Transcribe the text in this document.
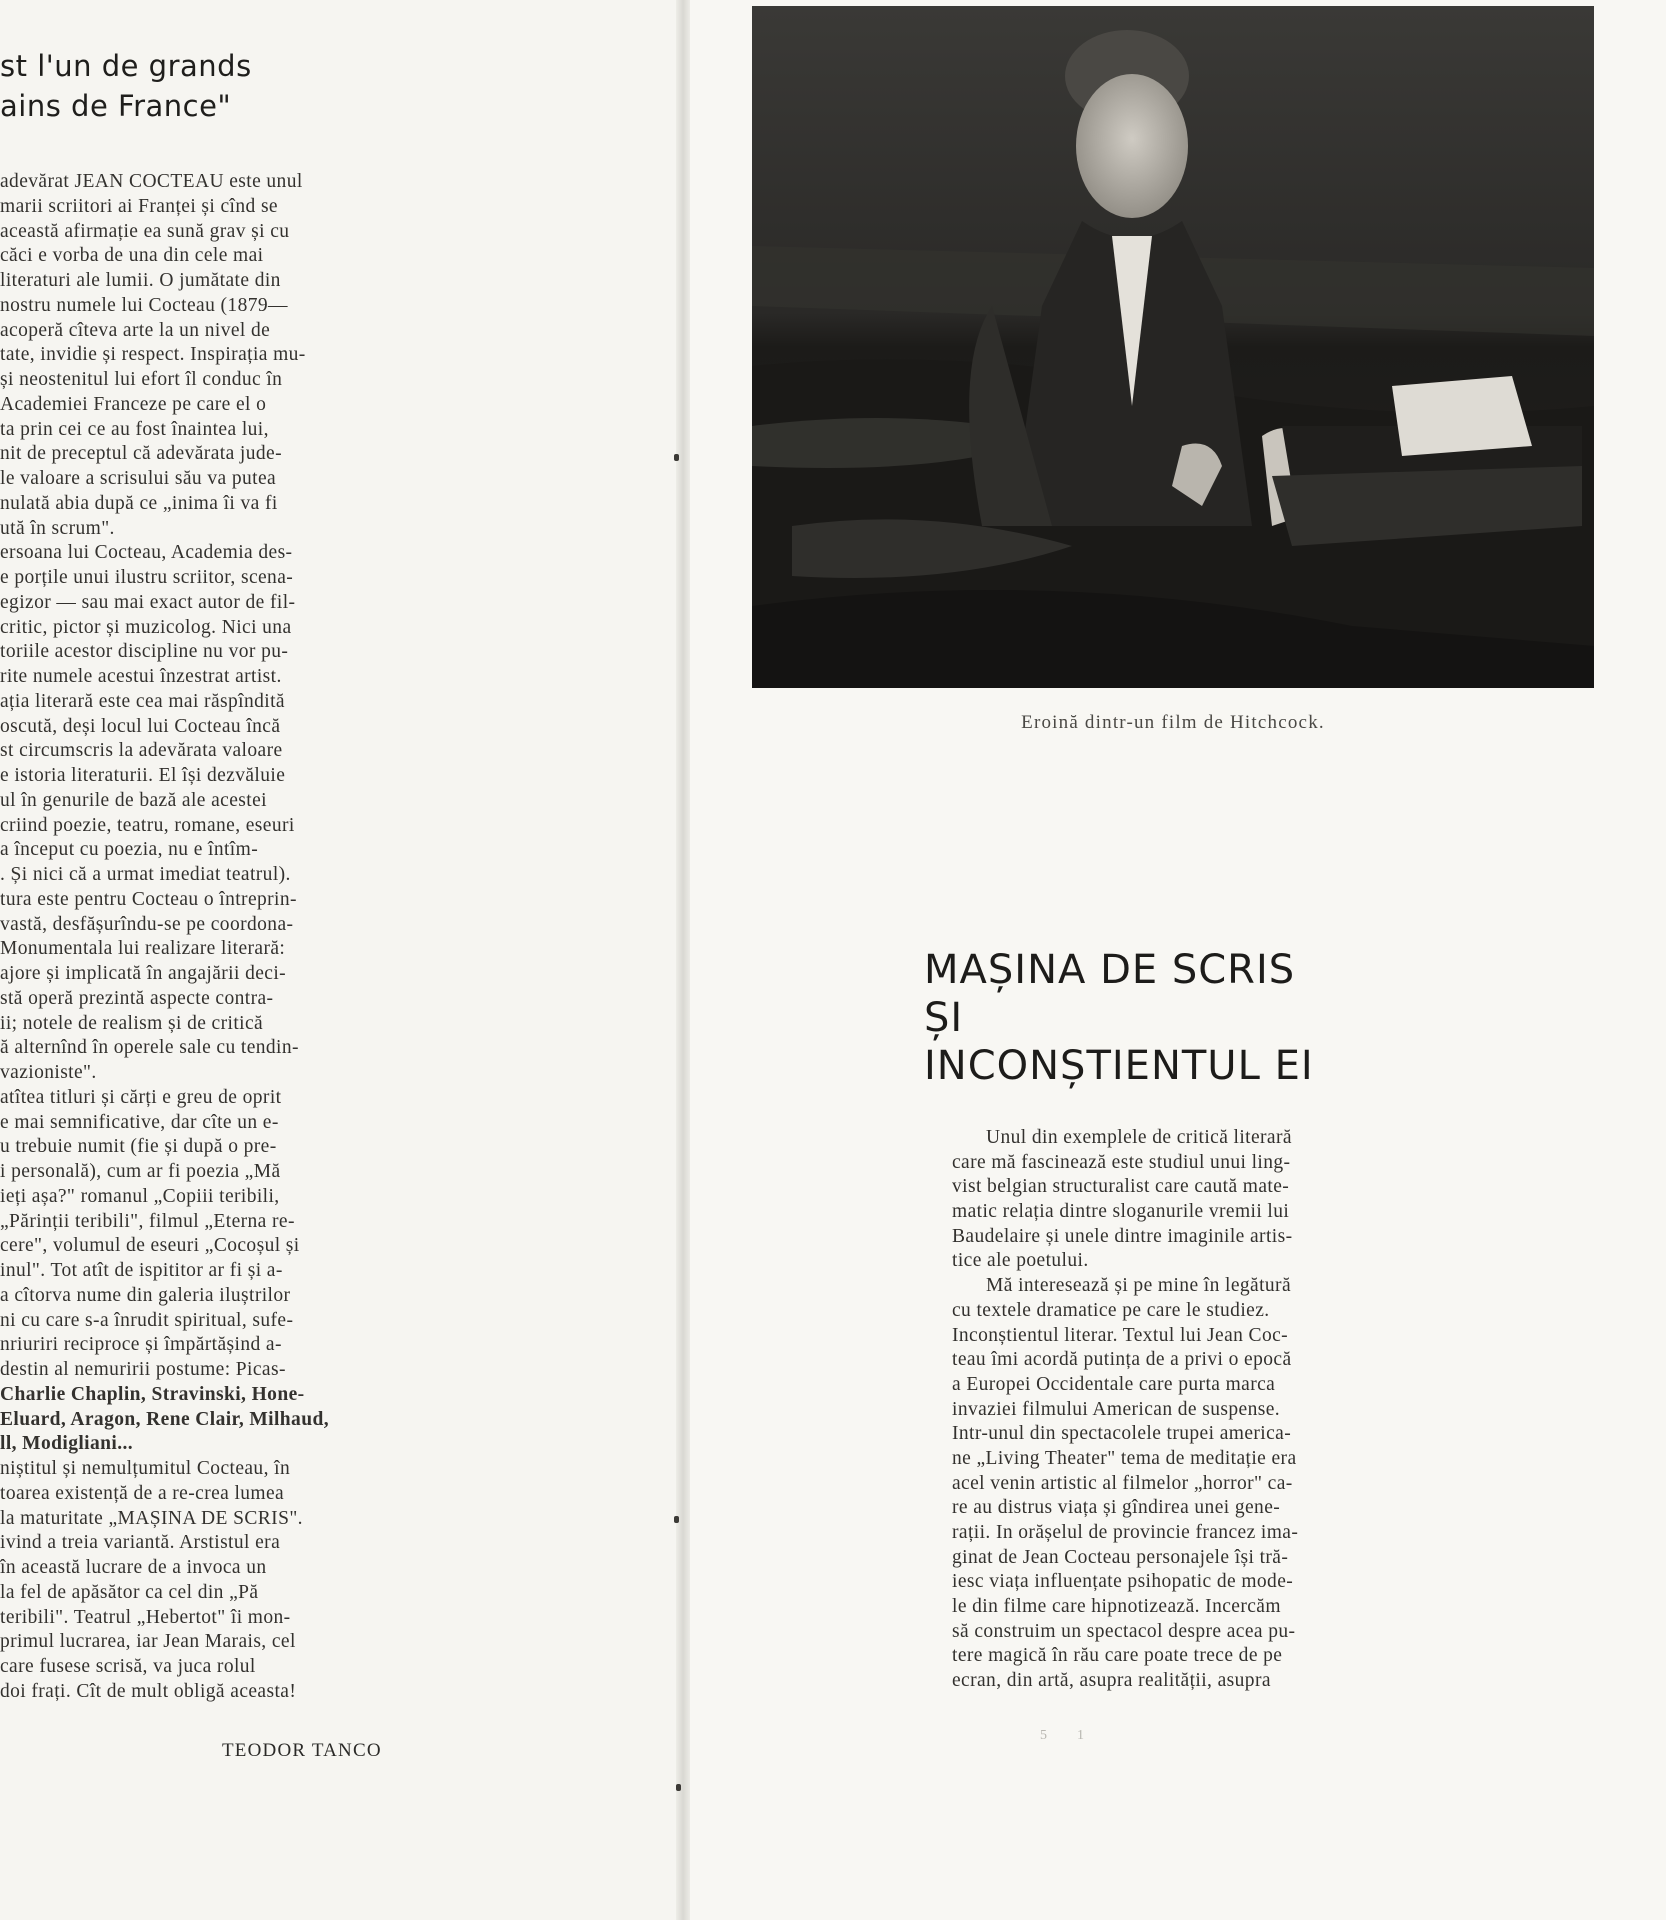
st l'un de grands
ains de France"
adevărat JEAN COCTEAU este unul
marii scriitori ai Franței și cînd se
această afirmație ea sună grav și cu
căci e vorba de una din cele mai
literaturi ale lumii. O jumătate din
nostru numele lui Cocteau (1879—
acoperă cîteva arte la un nivel de
tate, invidie și respect. Inspirația mu-
și neostenitul lui efort îl conduc în
Academiei Franceze pe care el o
ta prin cei ce au fost înaintea lui,
nit de preceptul că adevărata jude-
le valoare a scrisului său va putea
nulată abia după ce „inima îi va fi
ută în scrum".
ersoana lui Cocteau, Academia des-
e porțile unui ilustru scriitor, scena-
egizor — sau mai exact autor de fil-
critic, pictor și muzicolog. Nici una
toriile acestor discipline nu vor pu-
rite numele acestui înzestrat artist.
ația literară este cea mai răspîndită
oscută, deși locul lui Cocteau încă
st circumscris la adevărata valoare
e istoria literaturii. El își dezvăluie
ul în genurile de bază ale acestei
criind poezie, teatru, romane, eseuri
a început cu poezia, nu e întîm-
. Și nici că a urmat imediat teatrul).
tura este pentru Cocteau o întreprin-
vastă, desfășurîndu-se pe coordona-
Monumentala lui realizare literară:
ajore și implicată în angajării deci-
stă operă prezintă aspecte contra-
ii; notele de realism și de critică
ă alternînd în operele sale cu tendin-
vazioniste".
atîtea titluri și cărți e greu de oprit
e mai semnificative, dar cîte un e-
u trebuie numit (fie și după o pre-
i personală), cum ar fi poezia „Mă
ieți așa?" romanul „Copiii teribili,
„Părinții teribili", filmul „Eterna re-
cere", volumul de eseuri „Cocoșul și
inul". Tot atît de ispititor ar fi și a-
a cîtorva nume din galeria iluștrilor
ni cu care s-a înrudit spiritual, sufe-
nriuriri reciproce și împărtășind a-
destin al nemuririi postume: Picas-
Charlie Chaplin, Stravinski, Hone-
Eluard, Aragon, Rene Clair, Milhaud,
ll, Modigliani...
niștitul și nemulțumitul Cocteau, în
toarea existență de a re-crea lumea
la maturitate „MAȘINA DE SCRIS".
ivind a treia variantă. Arstistul era
în această lucrare de a invoca un
la fel de apăsător ca cel din „Pă
teribili". Teatrul „Hebertot" îi mon-
primul lucrarea, iar Jean Marais, cel
care fusese scrisă, va juca rolul
doi frați. Cît de mult obligă aceasta!

TEODOR TANCO

Eroină dintr-un film de Hitchcock.

MAȘINA DE SCRIS
ȘI
INCONȘTIENTUL EI
Unul din exemplele de critică literară
care mă fascinează este studiul unui ling-
vist belgian structuralist care caută mate-
matic relația dintre sloganurile vremii lui
Baudelaire și unele dintre imaginile artis-
tice ale poetului.
Mă interesează și pe mine în legătură
cu textele dramatice pe care le studiez.
Inconștientul literar. Textul lui Jean Coc-
teau îmi acordă putința de a privi o epocă
a Europei Occidentale care purta marca
invaziei filmului American de suspense.
Intr-unul din spectacolele trupei america-
ne „Living Theater" tema de meditație era
acel venin artistic al filmelor „horror" ca-
re au distrus viața și gîndirea unei gene-
rații. In orășelul de provincie francez ima-
ginat de Jean Cocteau personajele își tră-
iesc viața influențate psihopatic de mode-
le din filme care hipnotizează. Incercăm
să construim un spectacol despre acea pu-
tere magică în rău care poate trece de pe
ecran, din artă, asupra realității, asupra

51
